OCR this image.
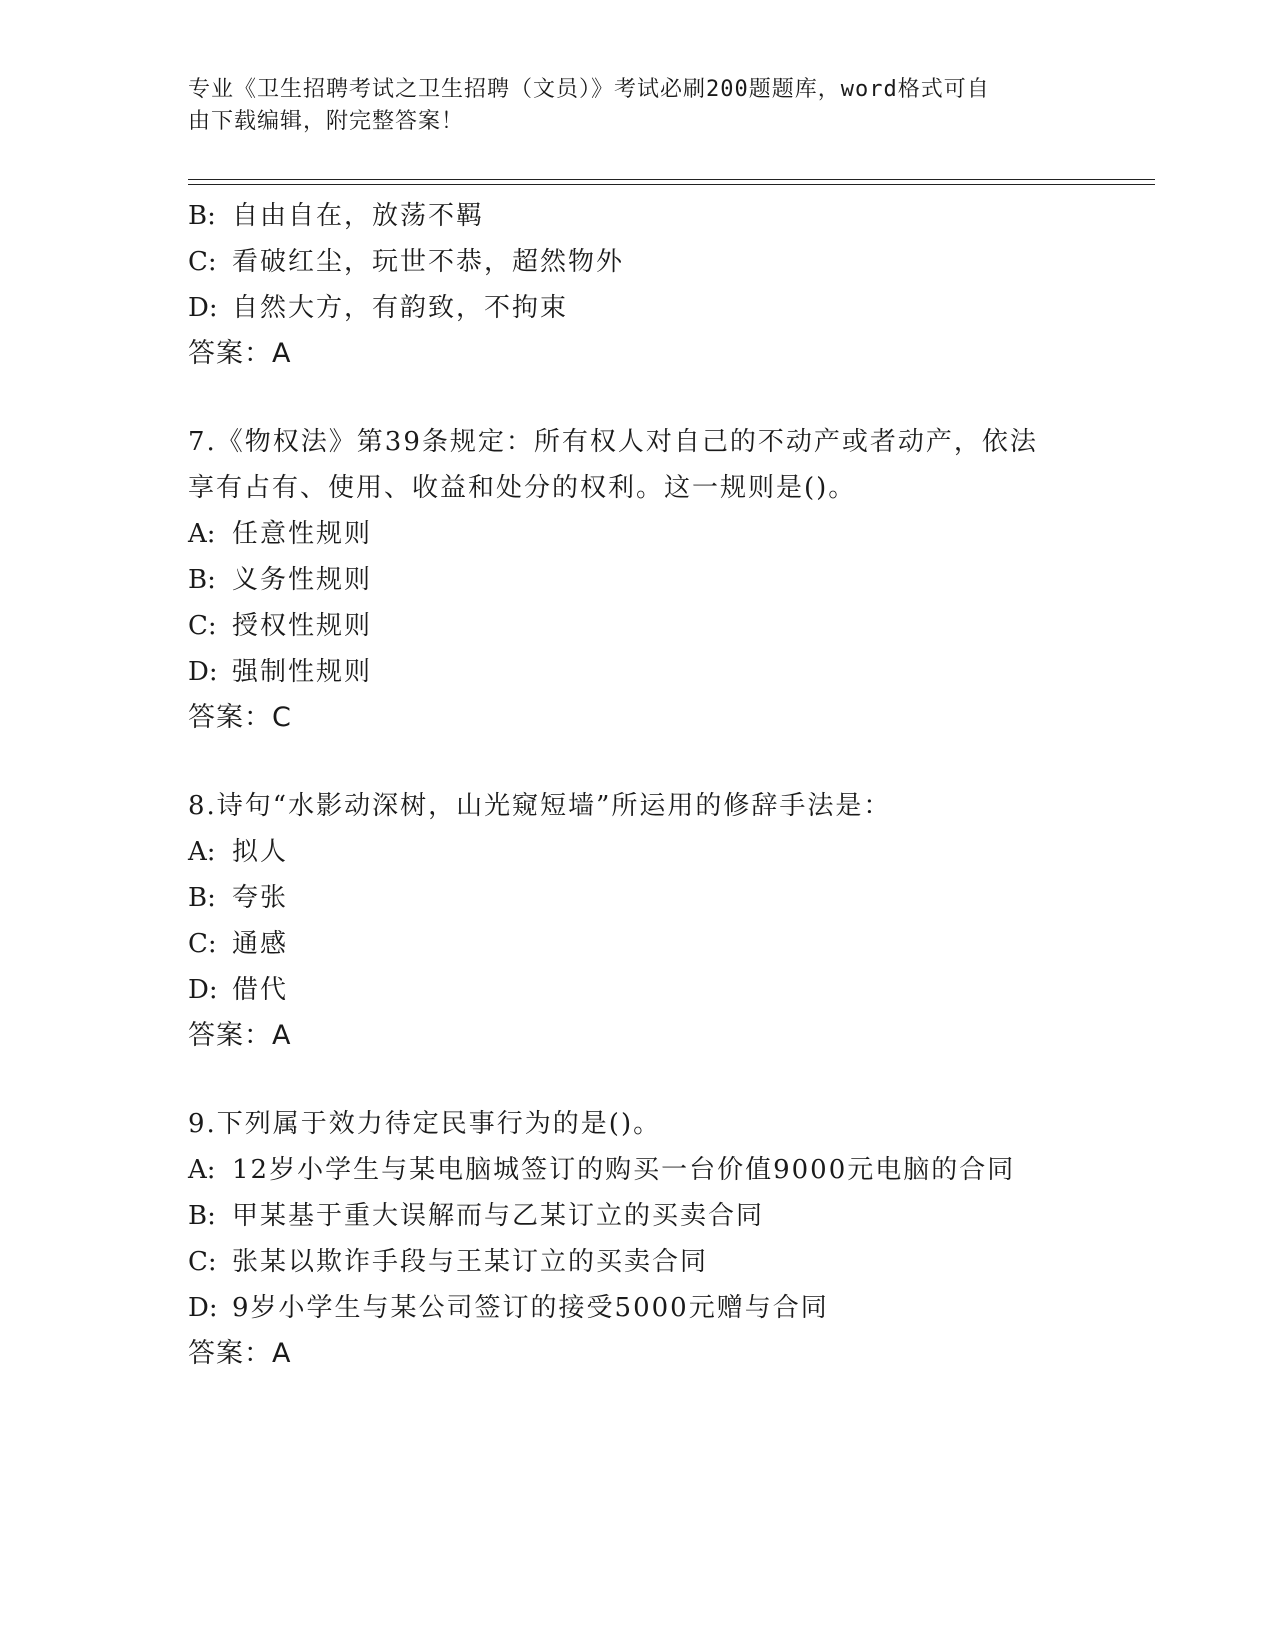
专业《卫生招聘考试之卫生招聘（文员）》考试必刷200题题库，word格式可自
由下载编辑，附完整答案！
B: 自由自在，放荡不羁
C: 看破红尘，玩世不恭，超然物外
D: 自然大方，有韵致，不拘束
答案：A
7.《物权法》第39条规定：所有权人对自己的不动产或者动产，依法
享有占有、使用、收益和处分的权利。这一规则是()。
A: 任意性规则
B: 义务性规则
C: 授权性规则
D: 强制性规则
答案：C
8.诗句“水影动深树，山光窥短墙”所运用的修辞手法是：
A: 拟人
B: 夸张
C: 通感
D: 借代
答案：A
9.下列属于效力待定民事行为的是()。
A: 12岁小学生与某电脑城签订的购买一台价值9000元电脑的合同
B: 甲某基于重大误解而与乙某订立的买卖合同
C: 张某以欺诈手段与王某订立的买卖合同
D: 9岁小学生与某公司签订的接受5000元赠与合同
答案：A
